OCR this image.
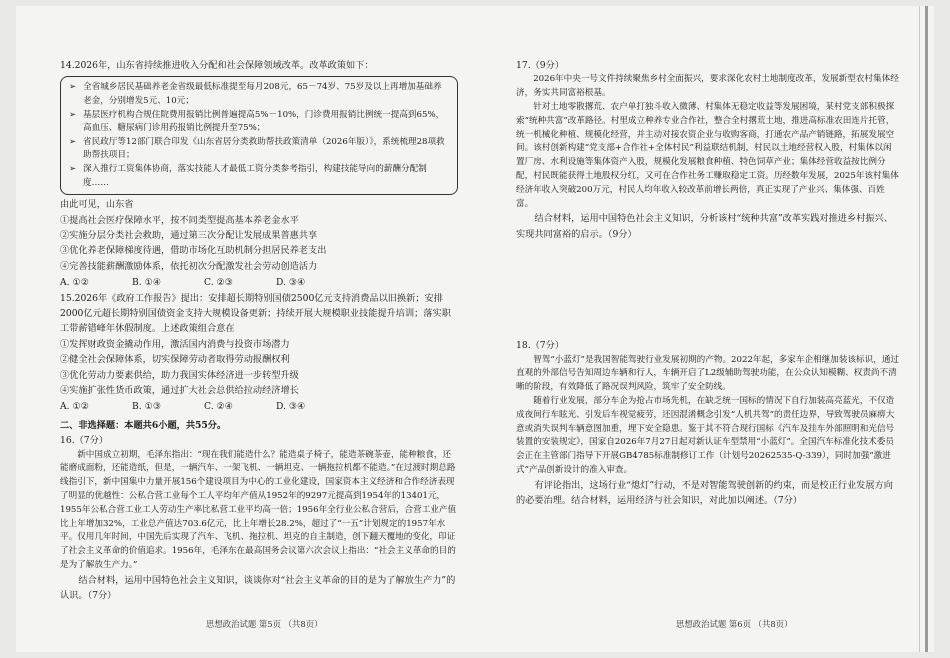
14.2026年，山东省持续推进收入分配和社会保障领域改革。改革政策如下：

➢ 全省城乡居民基础养老金省级最低标准提至每月208元，65－74岁、75岁及以上再增加基础养老金，分别增发5元、10元；
➢ 基层医疗机构合规住院费用报销比例普遍提高5%－10%，门诊费用报销比例统一提高到65%，高血压、糖尿病门诊用药报销比例提升至75%；
➢ 省民政厅等12部门联合印发《山东省居分类救助帮扶政策清单（2026年版）》，系统梳理28项救助帮扶项目；
➢ 深入推行工资集体协商，落实技能人才最低工资分类参考指引，构建技能导向的薪酬分配制度……

由此可见，山东省

①提高社会医疗保障水平，按不同类型提高基本养老金水平

②实施分层分类社会救助，通过第三次分配让发展成果普惠共享

③优化养老保障梯度待遇，借助市场化互助机制分担居民养老支出

④完善技能薪酬激励体系，依托初次分配激发社会劳动创造活力

A. ①②	B. ①④	C. ②③	D. ③④

15.2026年《政府工作报告》提出：安排超长期特别国债2500亿元支持消费品以旧换新；安排2000亿元超长期特别国债资金支持大规模设备更新；持续开展大规模职业技能提升培训；落实职工带薪错峰年休假制度。上述政策组合意在

①发挥财政资金撬动作用，激活国内消费与投资市场潜力

②健全社会保障体系，切实保障劳动者取得劳动报酬权利

③优化劳动力要素供给，助力我国实体经济进一步转型升级

④实施扩张性货币政策，通过扩大社会总供给拉动经济增长

A. ①②	B. ①③	C. ②④	D. ③④

二、非选择题：本题共6小题，共55分。

16.（7分）

新中国成立初期，毛泽东指出：“现在我们能造什么？能造桌子椅子，能造茶碗茶壶，能种粮食，还能磨成面粉，还能造纸，但是，一辆汽车、一架飞机、一辆坦克、一辆拖拉机都不能造。”在过渡时期总路线指引下，新中国集中力量开展156个建设项目为中心的工业化建设，国家资本主义经济和合作经济表现了明显的优越性：公私合营工业每个工人平均年产值从1952年的9297元提高到1954年的13401元，1955年公私合营工业工人劳动生产率比私营工业平均高一倍；1956年全行业公私合营后，合营工业产值比上年增加32%，工业总产值达703.6亿元，比上年增长28.2%，超过了“一五”计划规定的1957年水平。仅用几年时间，中国先后实现了汽车、飞机、拖拉机、坦克的自主制造，创下翻天覆地的变化，印证了社会主义革命的价值追求。1956年，毛泽东在最高国务会议第六次会议上指出：“社会主义革命的目的是为了解放生产力。”

结合材料，运用中国特色社会主义知识，谈谈你对“社会主义革命的目的是为了解放生产力”的认识。（7分）

17.（9分）

2026年中央一号文件持续聚焦乡村全面振兴，要求深化农村土地制度改革，发展新型农村集体经济，务实共同富裕根基。

针对土地零散撂荒、农户单打独斗收入微薄、村集体无稳定收益等发展困境，某村党支部积极探索“统种共富”改革路径。村里成立种养专业合作社，整合全村撂荒土地，推进高标准农田连片托管，统一机械化种植、规模化经营，并主动对接农资企业与收购客商，打通农产品产销链路，拓展发展空间。该村创新构建“党支部+合作社+全体村民”利益联结机制，村民以土地经营权入股，村集体以闲置厂房、水利设施等集体资产入股，规模化发展粮食种植、特色饲草产业；集体经营收益按比例分配，村民既能获得土地股权分红，又可在合作社务工赚取稳定工资。历经数年发展，2025年该村集体经济年收入突破200万元，村民人均年收入较改革前增长两倍，真正实现了产业兴、集体强、百姓富。

结合材料，运用中国特色社会主义知识，分析该村“统种共富”改革实践对推进乡村振兴、实现共同富裕的启示。（9分）

18.（7分）

智驾“小蓝灯”是我国智能驾驶行业发展初期的产物。2022年起，多家车企相继加装该标识，通过直观的外部信号告知周边车辆和行人，车辆开启了L2级辅助驾驶功能，在公众认知模糊、权责尚不清晰的阶段，有效降低了路况误判风险，筑牢了安全防线。

随着行业发展，部分车企为抢占市场先机，在缺乏统一国标的情况下自行加装高亮蓝光，不仅造成夜间行车眩光、引发后车视觉疲劳，还因混淆概念引发“人机共驾”的责任边界，导致驾驶员麻痹大意或消失误判车辆意图加重，埋下安全隐患。鉴于其不符合现行国标《汽车及挂车外部照明和光信号装置的安装规定》，国家自2026年7月27日起对新认证车型禁用“小蓝灯”。全国汽车标准化技术委员会正在主管部门指导下开展GB4785标准制修订工作（计划号20262535-Q-339），同时加强“激进式”产品创新设计的准入审查。

有评论指出，这场行业“熄灯”行动，不是对智能驾驶创新的约束，而是校正行业发展方向的必要治理。结合材料，运用经济与社会知识，对此加以阐述。（7分）

思想政治试题 第5页 （共8页）	思想政治试题 第6页 （共8页）
